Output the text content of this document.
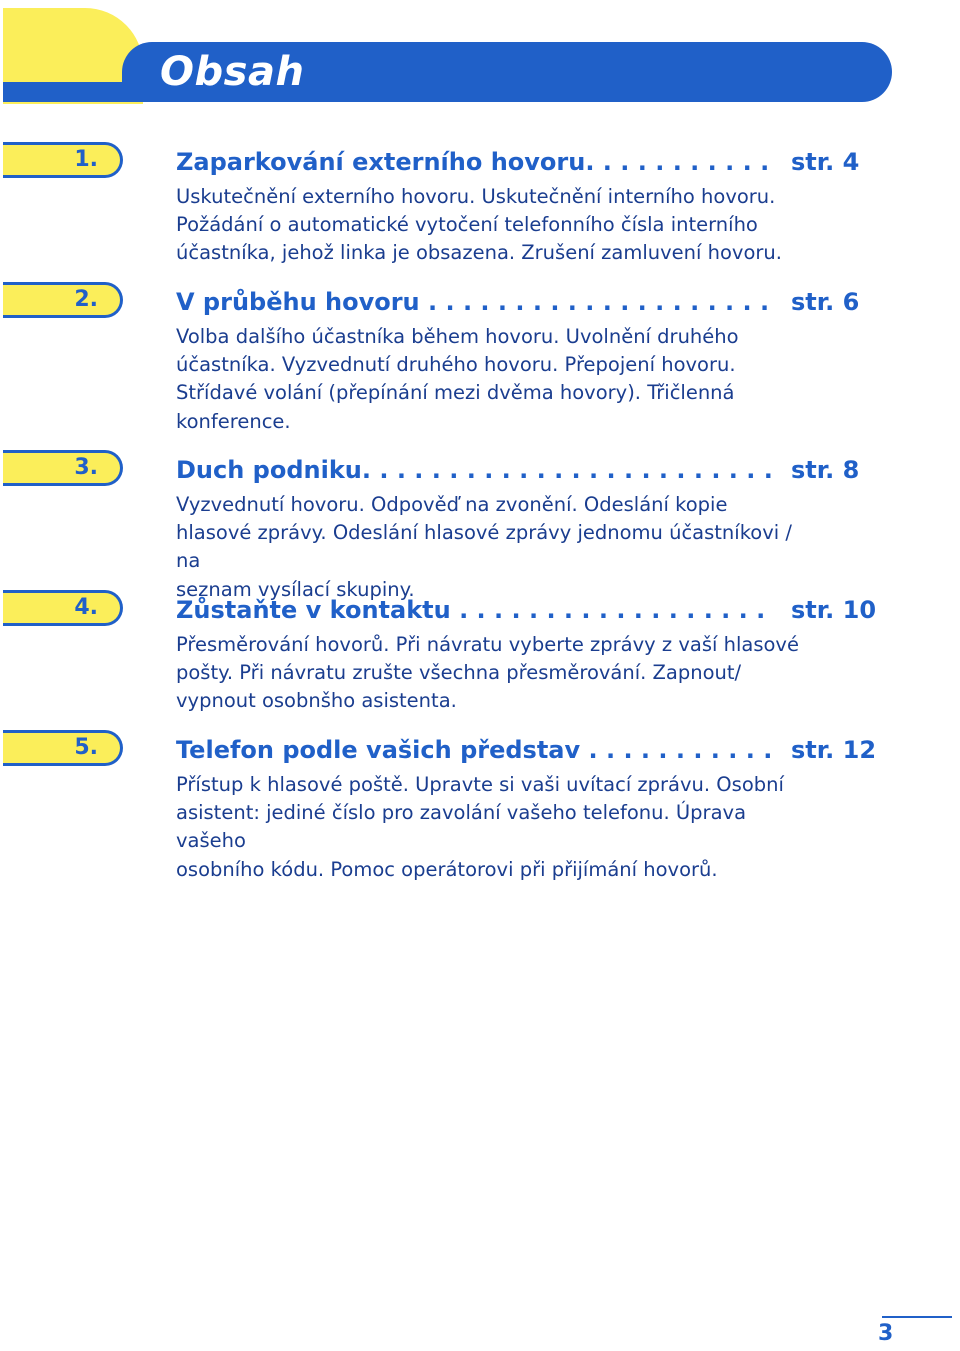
Obsah
1.	Zaparkování externího hovoru. . . .	str. 4

Uskutečnění externího hovoru. Uskutečnění interního hovoru.
Požádání o automatické vytočení telefonního čísla interního
účastníka, jehož linka je obsazena. Zrušení zamluvení hovoru.

2.	V průběhu hovoru . . .	str. 6

Volba dalšího účastníka během hovoru. Uvolnění druhého
účastníka. Vyzvednutí druhého hovoru. Přepojení hovoru.
Střídavé volání (přepínání mezi dvěma hovory). Třičlenná
konference.

3.	Duch podniku. . . .	str. 8

Vyzvednutí hovoru. Odpověď na zvonění. Odeslání kopie
hlasové zprávy. Odeslání hlasové zprávy jednomu účastníkovi / na
seznam vysílací skupiny.

4.	Zůstaňte v kontaktu . . .	str. 10

Přesměrování hovorů. Při návratu vyberte zprávy z vaší hlasové
pošty. Při návratu zrušte všechna přesměrování. Zapnout/
vypnout osobnšho asistenta.

5.	Telefon podle vašich představ . . .	str. 12

Přístup k hlasové poště. Upravte si vaši uvítací zprávu. Osobní
asistent: jediné číslo pro zavolání vašeho telefonu. Úprava vašeho
osobního kódu. Pomoc operátorovi při přijímání hovorů.

3
